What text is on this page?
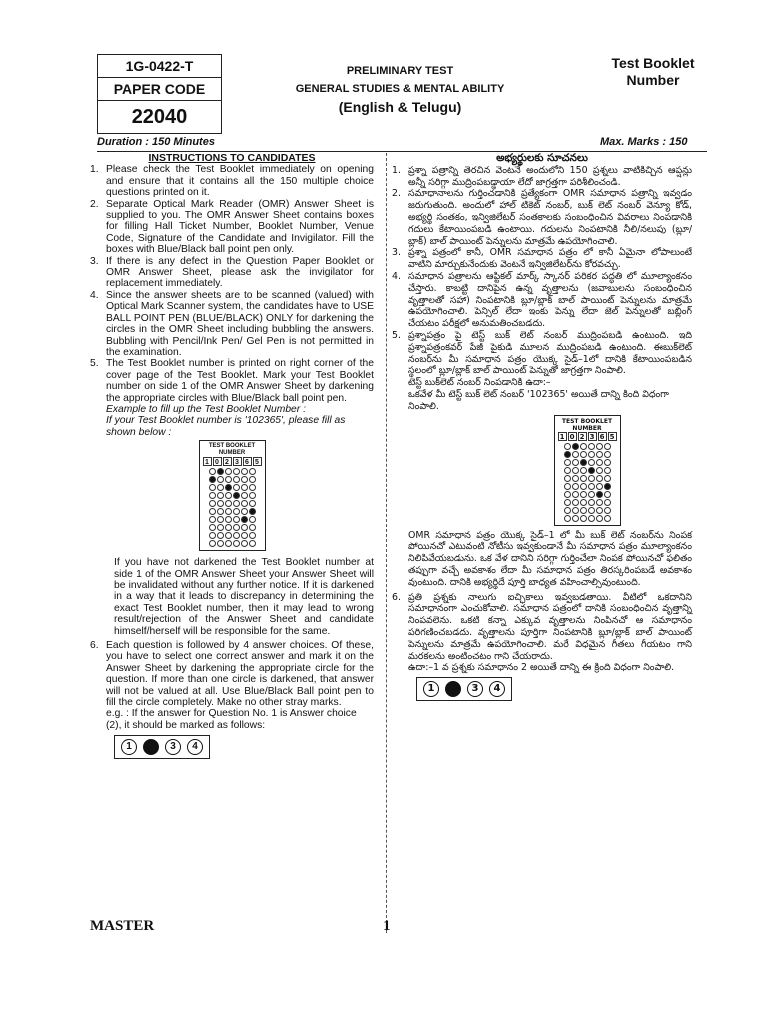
1G-0422-T
PAPER CODE
22040
PRELIMINARY TEST
GENERAL STUDIES & MENTAL ABILITY
(English & Telugu)
Test Booklet
Number
Duration : 150 Minutes	Max. Marks : 150
INSTRUCTIONS TO CANDIDATES
1. Please check the Test Booklet immediately on opening and ensure that it contains all the 150 multiple choice questions printed on it.
2. Separate Optical Mark Reader (OMR) Answer Sheet is supplied to you. The OMR Answer Sheet contains boxes for filling Hall Ticket Number, Booklet Number, Venue Code, Signature of the Candidate and Invigilator. Fill the boxes with Blue/Black ball point pen only.
3. If there is any defect in the Question Paper Booklet or OMR Answer Sheet, please ask the invigilator for replacement immediately.
4. Since the answer sheets are to be scanned (valued) with Optical Mark Scanner system, the candidates have to USE BALL POINT PEN (BLUE/BLACK) ONLY for darkening the circles in the OMR Sheet including bubbling the answers. Bubbling with Pencil/Ink Pen/ Gel Pen is not permitted in the examination.
5. The Test Booklet number is printed on right corner of the cover page of the Test Booklet. Mark your Test Booklet number on side 1 of the OMR Answer Sheet by darkening the appropriate circles with Blue/Black ball point pen.
Example to fill up the Test Booklet Number :
If your Test Booklet number is '102365', please fill as shown below :
TEST BOOKLET
NUMBER
1 0 2 3 6 5
If you have not darkened the Test Booklet number at side 1 of the OMR Answer Sheet your Answer Sheet will be invalidated without any further notice. If it is darkened in a way that it leads to discrepancy in determining the exact Test Booklet number, then it may lead to wrong result/rejection of the Answer Sheet and candidate himself/herself will be responsible for the same.
6. Each question is followed by 4 answer choices. Of these, you have to select one correct answer and mark it on the Answer Sheet by darkening the appropriate circle for the question. If more than one circle is darkened, that answer will not be valued at all. Use Blue/Black Ball point pen to fill the circle completely. Make no other stray marks.
e.g. : If the answer for Question No. 1 is Answer choice (2), it should be marked as follows:
1	3	4
అభ్యర్థులకు సూచనలు
1. ప్రశ్నా పత్రాన్ని తెరచిన వెంటనే అందులోని 150 ప్రశ్నలు వాటికిచ్చిన ఆప్షన్లు అన్నీ సరిగ్గా ముద్రింపబడ్డాయా లేదో జాగ్రత్తగా పరిశీలించండి.
2. సమాధానాలను గుర్తించడానికి ప్రత్యేకంగా OMR సమాధాన పత్రాన్ని ఇవ్వడం జరుగుతుంది. అందులో హాల్ టికెట్ నంబర్, బుక్ లెట్ నంబర్ వెన్యూ కోడ్, అభ్యర్థి సంతకం, ఇన్విజిలేటర్ సంతకాలకు సంబంధించిన వివరాలు నింపడానికి గదులు కేటాయింపబడి ఉంటాయి. గదులను నింపటానికి నీలి/నలుపు (బ్లూ/బ్లాక్) బాల్ పాయింట్ పెన్నులను మాత్రమే ఉపయోగించాలి.
3. ప్రశ్నా పత్రంలో కానీ, OMR సమాధాన పత్రం లో కానీ ఏమైనా లోపాలుంటే వాటిని మార్చుకునేందుకు వెంటనే ఇన్విజిలేటర్‌ను కోరవచ్చు.
4. సమాధాన పత్రాలను ఆప్టికల్ మార్క్ స్కానర్ పరికర పద్ధతి లో మూల్యాంకనం చేస్తారు. కాబట్టి దానిపైన ఉన్న వృత్తాలను (జవాబులను సంబంధించిన వృత్తాలతో సహా) నింపటానికి బ్లూ/బ్లాక్ బాల్ పాయింట్ పెన్నులను మాత్రమే ఉపయోగించాలి. పెన్సిల్ లేదా ఇంకు పెన్ను లేదా జెల్ పెన్నులతో బబ్లింగ్ చేయటం పరీక్షలో అనుమతించబడదు.
5. ప్రశ్నాపత్రం పై టెస్ట్ బుక్ లెట్ నంబర్ ముద్రింపబడి ఉంటుంది. ఇది ప్రశ్నాపత్రంకవర్ పేజీ పైకుడి మూలన ముద్రింపబడి ఉంటుంది. ఈబుక్‌లెట్ నంబర్‌ను మీ సమాధాన పత్రం యొక్క సైడ్–1లో దానికి కేటాయింపబడిన స్థలంలో బ్లూ/బ్లాక్ బాల్ పాయింట్ పెన్నుతో జాగ్రత్తగా నింపాలి.
టెస్ట్ బుక్‌లెట్ నంబర్ నింపడానికి ఉదా:–
ఒకవేళ మీ టెస్ట్ బుక్ లెట్ నంబర్ '102365' అయితే దాన్ని కింది విధంగా నింపాలి.
TEST BOOKLET
NUMBER
1 0 2 3 6 5
OMR సమాధాన పత్రం యొక్క సైడ్–1 లో మీ బుక్ లెట్ నంబర్‌ను నింపక పోయినచో ఎటువంటి నోటీసు ఇవ్వకుండానే మీ సమాధాన పత్రం మూల్యాంకనం నిలిపివేయబడును. ఒక వేళ దానిని సరిగ్గా గుర్తించేలా నింపక పోయినచో ఫలితం తప్పుగా వచ్చే అవకాశం లేదా మీ సమాధాన పత్రం తిరస్కరింపబడే అవకాశం వుంటుంది. దానికి అభ్యర్థిదే పూర్తి బాధ్యత వహించాల్సివుంటుంది.
6. ప్రతి ప్రశ్నకు నాలుగు ఐచ్ఛికాలు ఇవ్వబడతాయి. వీటిలో ఒకదానిని సమాధానంగా ఎంచుకోవాలి. సమాధాన పత్రంలో దానికి సంబంధించిన వృత్తాన్ని నింపవలెను. ఒకటి కన్నా ఎక్కువ వృత్తాలను నింపినచో ఆ సమాధానం పరిగణించబడదు. వృత్తాలను పూర్తిగా నింపటానికి బ్లూ/బ్లాక్ బాల్ పాయింట్ పెన్నులను మాత్రమే ఉపయోగించాలి. మరే విధమైన గీతలు గీయటం గాని మరకలను అంటించటం గాని చేయరాదు.
ఉదా:–1 వ ప్రశ్నకు సమాధానం 2 అయితే దాన్ని ఈ క్రింది విధంగా నింపాలి.
1	3	4
MASTER	1
